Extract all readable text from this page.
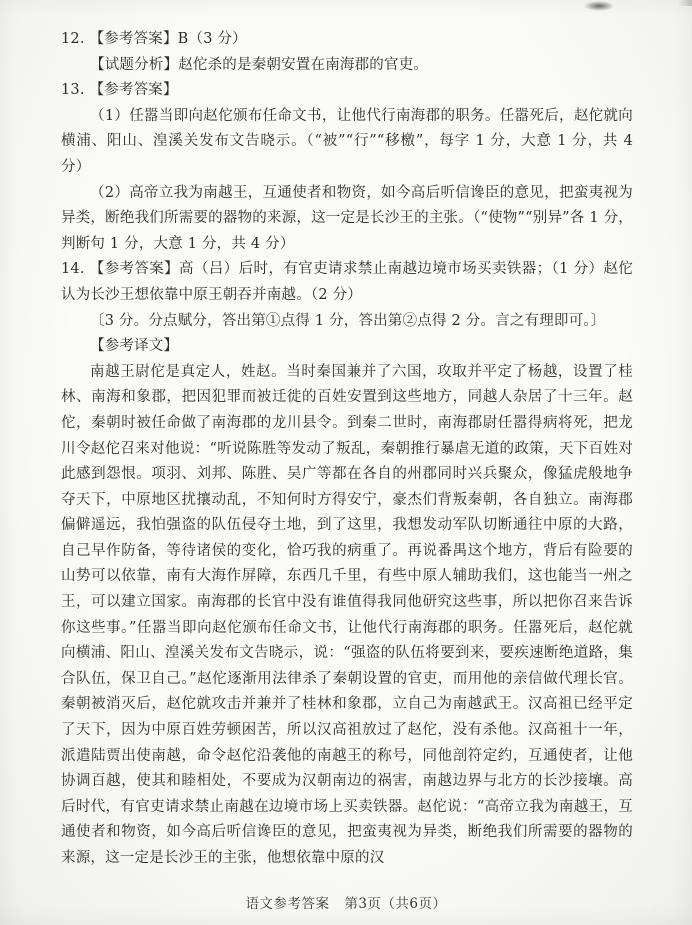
12. 【参考答案】B（3 分）

【试题分析】赵佗杀的是秦朝安置在南海郡的官吏。

13. 【参考答案】

（1）任嚣当即向赵佗颁布任命文书，让他代行南海郡的职务。任嚣死后，赵佗就向横浦、阳山、湟溪关发布文告晓示。（“被”“行”“移檄”，每字 1 分，大意 1 分，共 4 分）

（2）高帝立我为南越王，互通使者和物资，如今高后听信谗臣的意见，把蛮夷视为异类，断绝我们所需要的器物的来源，这一定是长沙王的主张。（“使物”“别异”各 1 分，判断句 1 分，大意 1 分，共 4 分）

14. 【参考答案】高（吕）后时，有官吏请求禁止南越边境市场买卖铁器；（1 分）赵佗认为长沙王想依靠中原王朝吞并南越。（2 分）

〔3 分。分点赋分，答出第①点得 1 分，答出第②点得 2 分。言之有理即可。〕

【参考译文】

南越王尉佗是真定人，姓赵。当时秦国兼并了六国，攻取并平定了杨越，设置了桂林、南海和象郡，把因犯罪而被迁徙的百姓安置到这些地方，同越人杂居了十三年。赵佗，秦朝时被任命做了南海郡的龙川县令。到秦二世时，南海郡尉任嚣得病将死，把龙川令赵佗召来对他说：“听说陈胜等发动了叛乱，秦朝推行暴虐无道的政策，天下百姓对此感到怨恨。项羽、刘邦、陈胜、吴广等都在各自的州郡同时兴兵聚众，像猛虎般地争夺天下，中原地区扰攘动乱，不知何时方得安宁，豪杰们背叛秦朝，各自独立。南海郡偏僻遥远，我怕强盗的队伍侵夺土地，到了这里，我想发动军队切断通往中原的大路，自己早作防备，等待诸侯的变化，恰巧我的病重了。再说番禺这个地方，背后有险要的山势可以依靠，南有大海作屏障，东西几千里，有些中原人辅助我们，这也能当一州之王，可以建立国家。南海郡的长官中没有谁值得我同他研究这些事，所以把你召来告诉你这些事。”任嚣当即向赵佗颁布任命文书，让他代行南海郡的职务。任嚣死后，赵佗就向横浦、阳山、湟溪关发布文告晓示，说：“强盗的队伍将要到来，要疾速断绝道路，集合队伍，保卫自己。”赵佗逐渐用法律杀了秦朝设置的官吏，而用他的亲信做代理长官。秦朝被消灭后，赵佗就攻击并兼并了桂林和象郡，立自己为南越武王。汉高祖已经平定了天下，因为中原百姓劳顿困苦，所以汉高祖放过了赵佗，没有杀他。汉高祖十一年，派遣陆贾出使南越，命令赵佗沿袭他的南越王的称号，同他剖符定约，互通使者，让他协调百越，使其和睦相处，不要成为汉朝南边的祸害，南越边界与北方的长沙接壤。高后时代，有官吏请求禁止南越在边境市场上买卖铁器。赵佗说：“高帝立我为南越王，互通使者和物资，如今高后听信谗臣的意见，把蛮夷视为异类，断绝我们所需要的器物的来源，这一定是长沙王的主张，他想依靠中原的汉

语文参考答案 第3页（共6页）
